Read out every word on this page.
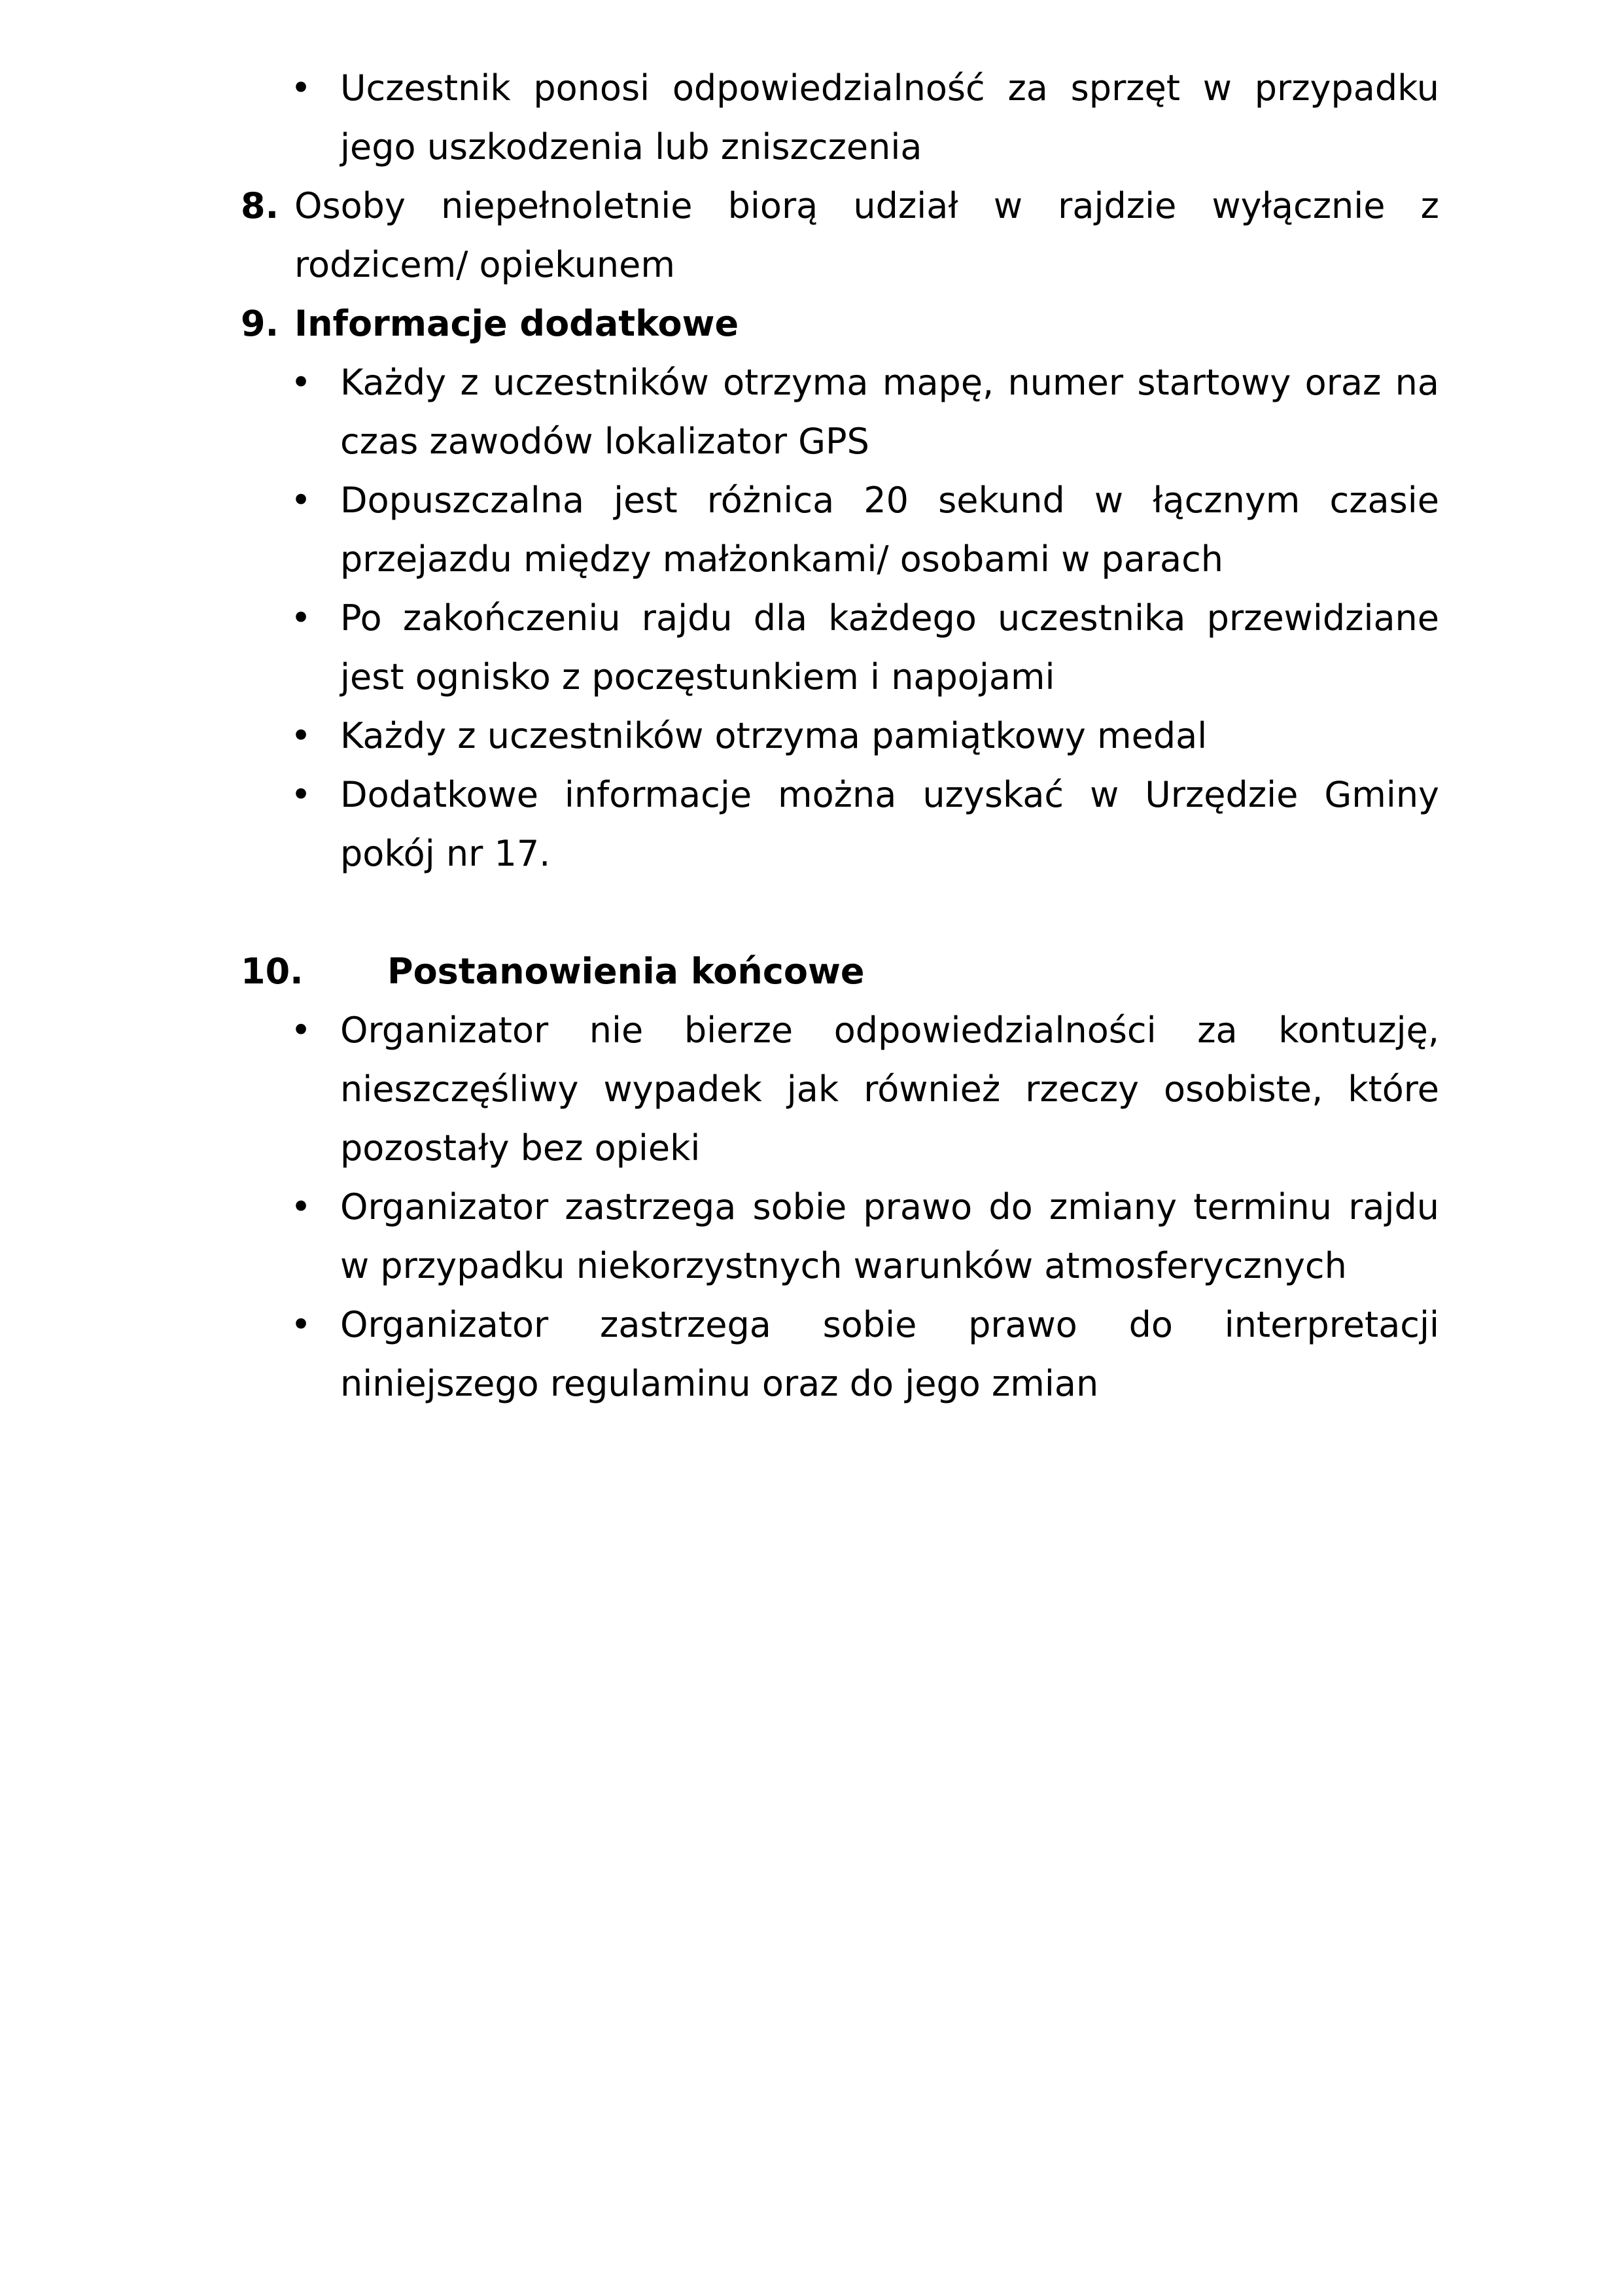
• Uczestnik ponosi odpowiedzialność za sprzęt w przypadku jego uszkodzenia lub zniszczenia
8. Osoby niepełnoletnie biorą udział w rajdzie wyłącznie z rodzicem/ opiekunem
9. Informacje dodatkowe
• Każdy z uczestników otrzyma mapę, numer startowy oraz na czas zawodów lokalizator GPS
• Dopuszczalna jest różnica 20 sekund w łącznym czasie przejazdu między małżonkami/ osobami w parach
• Po zakończeniu rajdu dla każdego uczestnika przewidziane jest ognisko z poczęstunkiem i napojami
• Każdy z uczestników otrzyma pamiątkowy medal
• Dodatkowe informacje można uzyskać w Urzędzie Gminy pokój nr 17.
10. Postanowienia końcowe
• Organizator nie bierze odpowiedzialności za kontuzję, nieszczęśliwy wypadek jak również rzeczy osobiste, które pozostały bez opieki
• Organizator zastrzega sobie prawo do zmiany terminu rajdu w przypadku niekorzystnych warunków atmosferycznych
• Organizator zastrzega sobie prawo do interpretacji niniejszego regulaminu oraz do jego zmian
